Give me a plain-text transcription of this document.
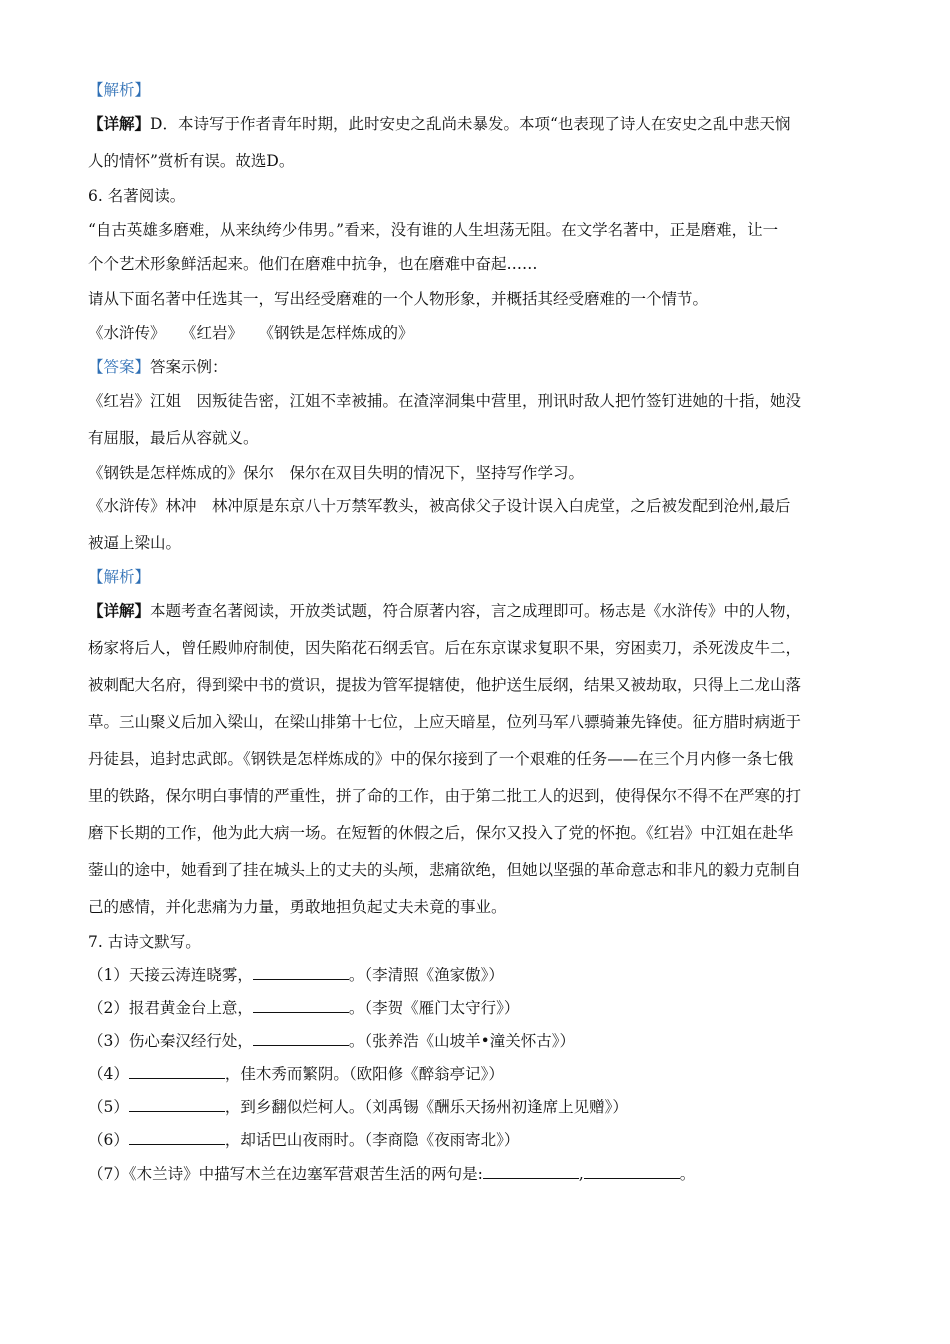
【解析】

【详解】D．本诗写于作者青年时期，此时安史之乱尚未暴发。本项“也表现了诗人在安史之乱中悲天悯

人的情怀”赏析有误。故选D。

6. 名著阅读。

“自古英雄多磨难，从来纨绔少伟男。”看来，没有谁的人生坦荡无阻。在文学名著中，正是磨难，让一

个个艺术形象鲜活起来。他们在磨难中抗争，也在磨难中奋起……

请从下面名著中任选其一，写出经受磨难的一个人物形象，并概括其经受磨难的一个情节。

《水浒传》　　《红岩》　　《钢铁是怎样炼成的》

【答案】答案示例：

《红岩》江姐　因叛徒告密，江姐不幸被捕。在渣滓洞集中营里，刑讯时敌人把竹签钉进她的十指，她没

有屈服，最后从容就义。

《钢铁是怎样炼成的》保尔　保尔在双目失明的情况下，坚持写作学习。

《水浒传》林冲　林冲原是东京八十万禁军教头，被高俅父子设计误入白虎堂，之后被发配到沧州,最后

被逼上梁山。

【解析】

【详解】本题考查名著阅读，开放类试题，符合原著内容，言之成理即可。杨志是《水浒传》中的人物，

杨家将后人，曾任殿帅府制使，因失陷花石纲丢官。后在东京谋求复职不果，穷困卖刀，杀死泼皮牛二，

被刺配大名府，得到梁中书的赏识，提拔为管军提辖使，他护送生辰纲，结果又被劫取，只得上二龙山落

草。三山聚义后加入梁山，在梁山排第十七位，上应天暗星，位列马军八骠骑兼先锋使。征方腊时病逝于

丹徒县，追封忠武郎。《钢铁是怎样炼成的》中的保尔接到了一个艰难的任务——在三个月内修一条七俄

里的铁路，保尔明白事情的严重性，拼了命的工作，由于第二批工人的迟到，使得保尔不得不在严寒的打

磨下长期的工作，他为此大病一场。在短暂的休假之后，保尔又投入了党的怀抱。《红岩》中江姐在赴华

蓥山的途中，她看到了挂在城头上的丈夫的头颅，悲痛欲绝，但她以坚强的革命意志和非凡的毅力克制自

己的感情，并化悲痛为力量，勇敢地担负起丈夫未竟的事业。

7. 古诗文默写。

（1）天接云涛连晓雾，	。（李清照《渔家傲》）

（2）报君黄金台上意，	。（李贺《雁门太守行》）

（3）伤心秦汉经行处，	。（张养浩《山坡羊•潼关怀古》）

（4）	，佳木秀而繁阴。（欧阳修《醉翁亭记》）

（5）	，到乡翻似烂柯人。（刘禹锡《酬乐天扬州初逢席上见赠》）

（6）	，却话巴山夜雨时。（李商隐《夜雨寄北》）

（7）《木兰诗》中描写木兰在边塞军营艰苦生活的两句是:	,	。
